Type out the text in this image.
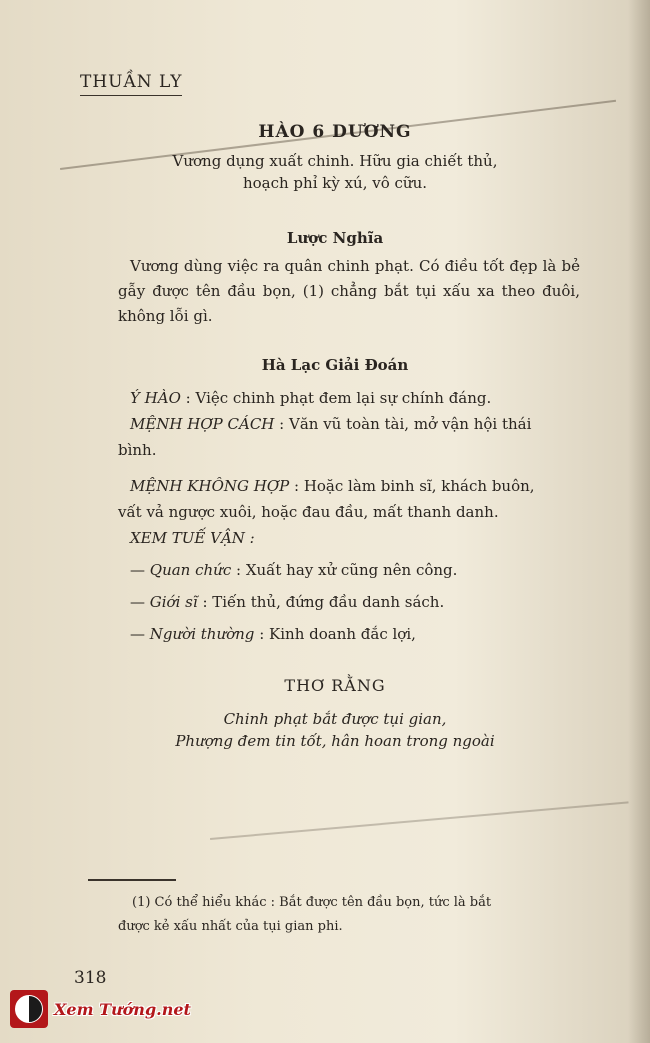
THUẦN LY
HÀO 6 DƯƠNG
Vương dụng xuất chinh. Hữu gia chiết thủ,
hoạch phỉ kỳ xú, vô cữu.
Lược Nghĩa
Vương dùng việc ra quân chinh phạt. Có điều tốt đẹp là bẻ gẫy được tên đầu bọn, (1) chẳng bắt tụi xấu xa theo đuôi, không lỗi gì.
Hà Lạc Giải Đoán
Ý HÀO : Việc chinh phạt đem lại sự chính đáng.
MỆNH HỢP CÁCH : Văn vũ toàn tài, mở vận hội thái
bình.
MỆNH KHÔNG HỢP : Hoặc làm binh sĩ, khách buôn,
vất vả ngược xuôi, hoặc đau đầu, mất thanh danh.
XEM TUẾ VẬN :
— Quan chức : Xuất hay xử cũng nên công.
— Giới sĩ : Tiến thủ, đứng đầu danh sách.
— Người thường : Kinh doanh đắc lợi,
THƠ RẰNG
Chinh phạt bắt được tụi gian,
Phượng đem tin tốt, hân hoan trong ngoài
(1) Có thể hiểu khác : Bắt được tên đầu bọn, tức là bắt
được kẻ xấu nhất của tụi gian phi.
318
Xem Tướng.net
